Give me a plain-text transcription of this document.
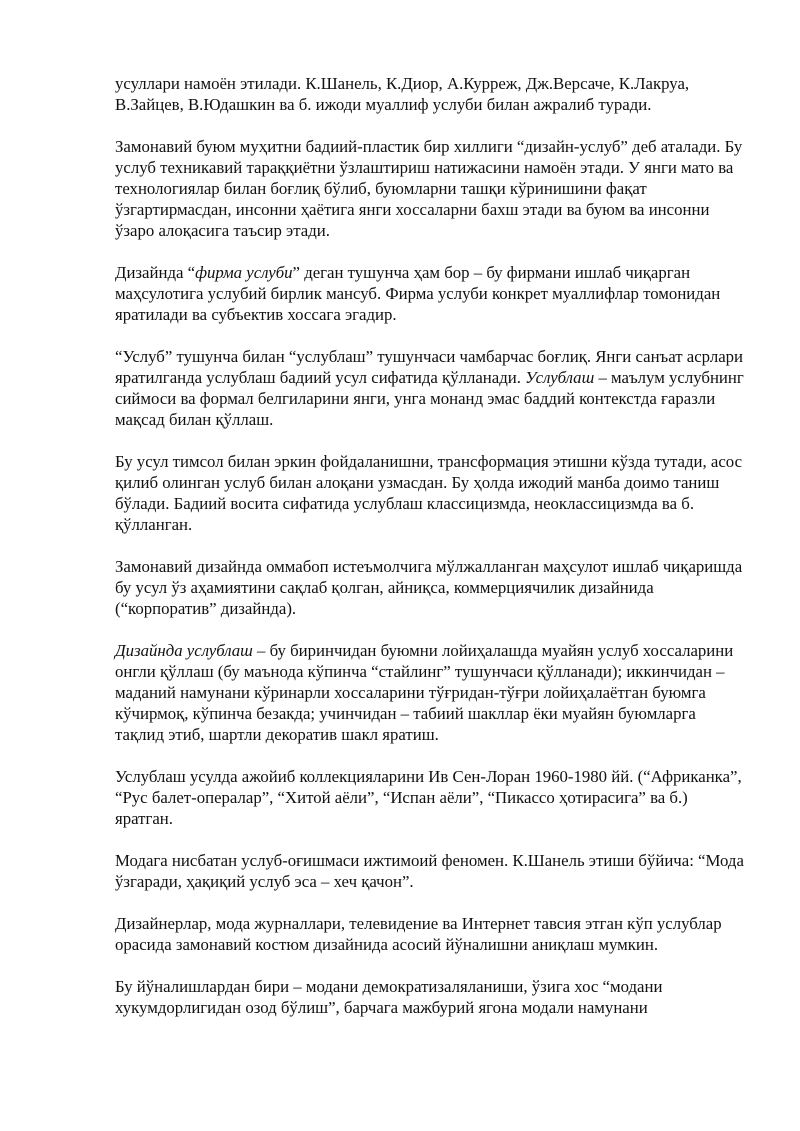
усуллари намоён этилади. К.Шанель, К.Диор, А.Курреж, Дж.Версаче, К.Лакруа, В.Зайцев, В.Юдашкин ва б. ижоди муаллиф услуби билан ажралиб туради.

Замонавий буюм муҳитни бадиий-пластик бир хиллиги “дизайн-услуб” деб аталади. Бу услуб техникавий тараққиётни ўзлаштириш натижасини намоён этади. У янги мато ва технологиялар билан боғлиқ бўлиб, буюмларни ташқи кўринишини фақат ўзгартирмасдан, инсонни ҳаётига янги хоссаларни бахш этади ва буюм ва инсонни ўзаро алоқасига таъсир этади.

Дизайнда “фирма услуби” деган тушунча ҳам бор – бу фирмани ишлаб чиқарган маҳсулотига услубий бирлик мансуб. Фирма услуби конкрет муаллифлар томонидан яратилади ва субъектив хоссага эгадир.

“Услуб” тушунча билан “услублаш” тушунчаси чамбарчас боғлиқ. Янги санъат асрлари яратилганда услублаш бадиий усул сифатида қўлланади. Услублаш – маълум услубнинг сиймоси ва формал белгиларини янги, унга монанд эмас баддий контекстда ғаразли мақсад билан қўллаш.

Бу усул тимсол билан эркин фойдаланишни, трансформация этишни кўзда тутади, асос қилиб олинган услуб билан алоқани узмасдан. Бу ҳолда ижодий манба доимо таниш бўлади. Бадиий восита сифатида услублаш классицизмда, неоклассицизмда ва б. қўлланган.

Замонавий дизайнда оммабоп истеъмолчига мўлжалланган маҳсулот ишлаб чиқаришда бу усул ўз аҳамиятини сақлаб қолган, айниқса, коммерциячилик дизайнида (“корпоратив” дизайнда).

Дизайнда услублаш – бу биринчидан буюмни лойиҳалашда муайян услуб хоссаларини онгли қўллаш (бу маънода кўпинча “стайлинг” тушунчаси қўлланади); иккинчидан – маданий намунани кўринарли хоссаларини тўғридан-тўғри лойиҳалаётган буюмга кўчирмоқ, кўпинча безакда; учинчидан – табиий шакллар ёки муайян буюмларга тақлид этиб, шартли декоратив шакл яратиш.

Услублаш усулда ажойиб коллекцияларини Ив Сен-Лоран 1960-1980 йй. (“Африканка”, “Рус балет-опералар”, “Хитой аёли”, “Испан аёли”, “Пикассо ҳотирасига” ва б.) яратган.

Модага нисбатан услуб-оғишмаси ижтимоий феномен. К.Шанель этиши бўйича: “Мода ўзгаради, ҳақиқий услуб эса – хеч қачон”.

Дизайнерлар, мода журналлари, телевидение ва Интернет тавсия этган кўп услублар орасида замонавий костюм дизайнида асосий йўналишни аниқлаш мумкин.

Бу йўналишлардан бири – модани демократизаляланиши, ўзига хос “модани хукумдорлигидан озод бўлиш”, барчага мажбурий ягона модали намунани
